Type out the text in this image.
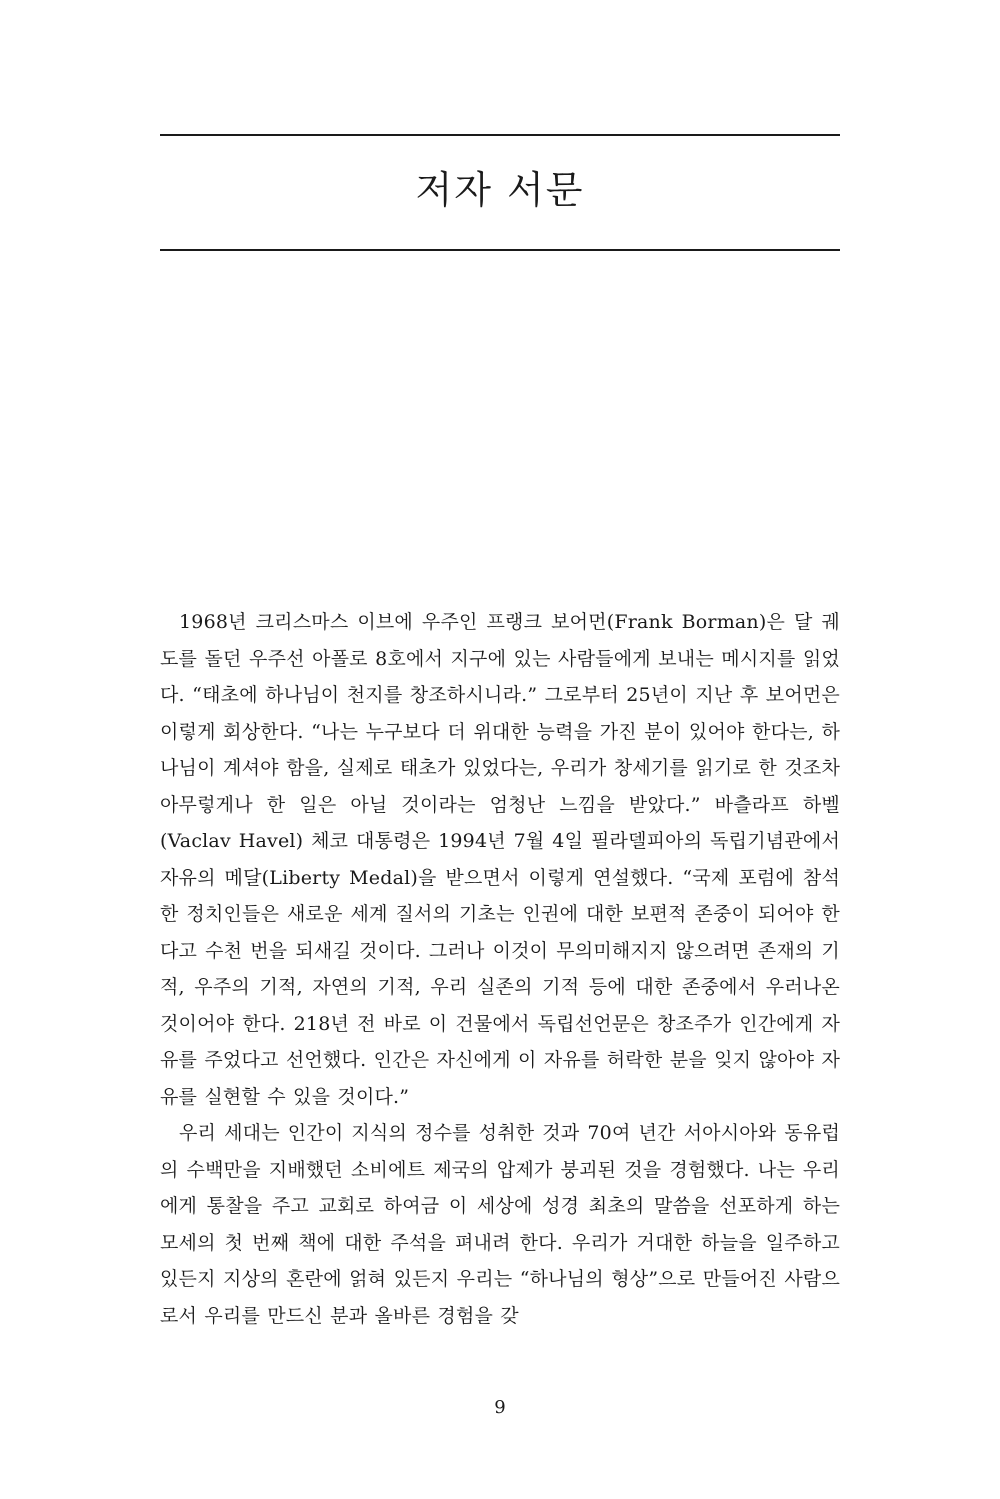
저자 서문

1968년 크리스마스 이브에 우주인 프랭크 보어먼(Frank Borman)은 달 궤도를 돌던 우주선 아폴로 8호에서 지구에 있는 사람들에게 보내는 메시지를 읽었다. “태초에 하나님이 천지를 창조하시니라.” 그로부터 25년이 지난 후 보어먼은 이렇게 회상한다. “나는 누구보다 더 위대한 능력을 가진 분이 있어야 한다는, 하나님이 계셔야 함을, 실제로 태초가 있었다는, 우리가 창세기를 읽기로 한 것조차 아무렇게나 한 일은 아닐 것이라는 엄청난 느낌을 받았다.” 바츨라프 하벨(Vaclav Havel) 체코 대통령은 1994년 7월 4일 필라델피아의 독립기념관에서 자유의 메달(Liberty Medal)을 받으면서 이렇게 연설했다. “국제 포럼에 참석한 정치인들은 새로운 세계 질서의 기초는 인권에 대한 보편적 존중이 되어야 한다고 수천 번을 되새길 것이다. 그러나 이것이 무의미해지지 않으려면 존재의 기적, 우주의 기적, 자연의 기적, 우리 실존의 기적 등에 대한 존중에서 우러나온 것이어야 한다. 218년 전 바로 이 건물에서 독립선언문은 창조주가 인간에게 자유를 주었다고 선언했다. 인간은 자신에게 이 자유를 허락한 분을 잊지 않아야 자유를 실현할 수 있을 것이다.”

우리 세대는 인간이 지식의 정수를 성취한 것과 70여 년간 서아시아와 동유럽의 수백만을 지배했던 소비에트 제국의 압제가 붕괴된 것을 경험했다. 나는 우리에게 통찰을 주고 교회로 하여금 이 세상에 성경 최초의 말씀을 선포하게 하는 모세의 첫 번째 책에 대한 주석을 펴내려 한다. 우리가 거대한 하늘을 일주하고 있든지 지상의 혼란에 얽혀 있든지 우리는 “하나님의 형상”으로 만들어진 사람으로서 우리를 만드신 분과 올바른 경험을 갖

9
